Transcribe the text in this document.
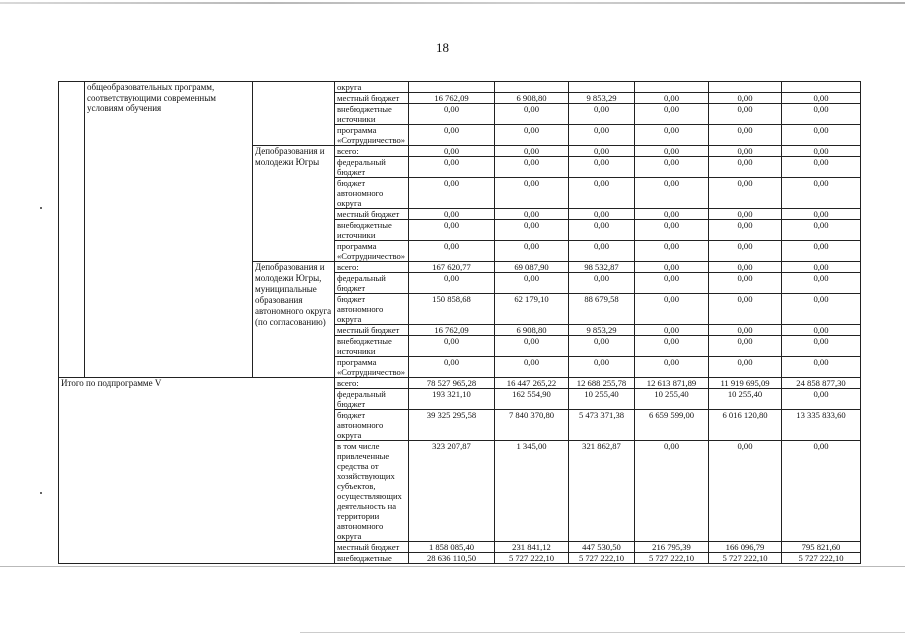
18
	общеобразовательных программ, соответствующими современным условиям обучения		округа						
			местный бюджет	16 762,09	6 908,80	9 853,29	0,00	0,00	0,00
			внебюджетные источники	0,00	0,00	0,00	0,00	0,00	0,00
			программа «Сотрудничество»	0,00	0,00	0,00	0,00	0,00	0,00
		Депобразования и молодежи Югры	всего:	0,00	0,00	0,00	0,00	0,00	0,00
			федеральный бюджет	0,00	0,00	0,00	0,00	0,00	0,00
			бюджет автономного округа	0,00	0,00	0,00	0,00	0,00	0,00
			местный бюджет	0,00	0,00	0,00	0,00	0,00	0,00
			внебюджетные источники	0,00	0,00	0,00	0,00	0,00	0,00
			программа «Сотрудничество»	0,00	0,00	0,00	0,00	0,00	0,00
		Депобразования и молодежи Югры, муниципальные образования автономного округа (по согласованию)	всего:	167 620,77	69 087,90	98 532,87	0,00	0,00	0,00
			федеральный бюджет	0,00	0,00	0,00	0,00	0,00	0,00
			бюджет автономного округа	150 858,68	62 179,10	88 679,58	0,00	0,00	0,00
			местный бюджет	16 762,09	6 908,80	9 853,29	0,00	0,00	0,00
			внебюджетные источники	0,00	0,00	0,00	0,00	0,00	0,00
			программа «Сотрудничество»	0,00	0,00	0,00	0,00	0,00	0,00
Итого по подпрограмме V			всего:	78 527 965,28	16 447 265,22	12 688 255,78	12 613 871,89	11 919 695,09	24 858 877,30
			федеральный бюджет	193 321,10	162 554,90	10 255,40	10 255,40	10 255,40	0,00
			бюджет автономного округа	39 325 295,58	7 840 370,80	5 473 371,38	6 659 599,00	6 016 120,80	13 335 833,60
			в том числе привлеченные средства от хозяйствующих субъектов, осуществляющих деятельность на территории автономного округа	323 207,87	1 345,00	321 862,87	0,00	0,00	0,00
			местный бюджет	1 858 085,40	231 841,12	447 530,50	216 795,39	166 096,79	795 821,60
			внебюджетные	28 636 110,50	5 727 222,10	5 727 222,10	5 727 222,10	5 727 222,10	5 727 222,10
